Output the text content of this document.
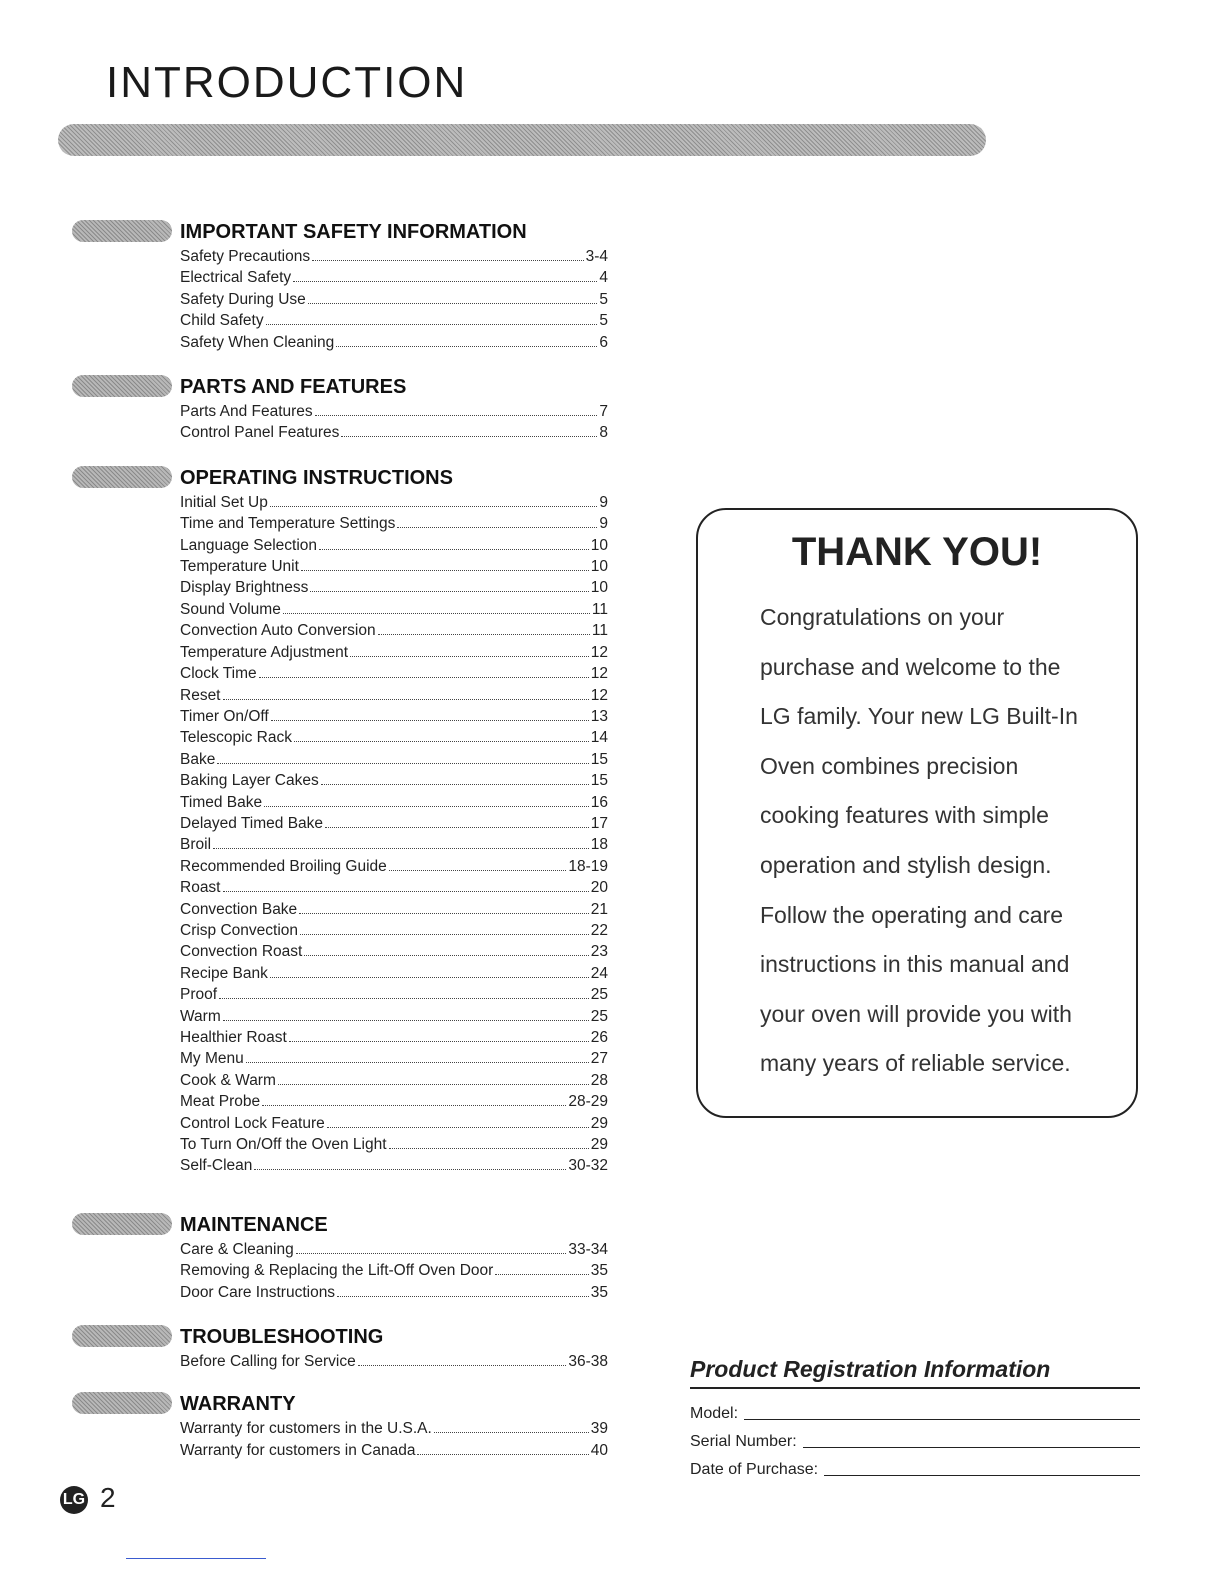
INTRODUCTION
IMPORTANT SAFETY INFORMATION
Safety Precautions	3-4
Electrical Safety	4
Safety During Use	5
Child Safety	5
Safety When Cleaning	6
PARTS AND FEATURES
Parts And Features	7
Control Panel Features	8
OPERATING INSTRUCTIONS
Initial Set Up	9
Time and Temperature Settings	9
Language Selection	10
Temperature Unit	10
Display Brightness	10
Sound Volume	11
Convection Auto Conversion	11
Temperature Adjustment	12
Clock Time	12
Reset	12
Timer On/Off	13
Telescopic Rack	14
Bake	15
Baking Layer Cakes	15
Timed Bake	16
Delayed Timed Bake	17
Broil	18
Recommended Broiling Guide	18-19
Roast	20
Convection Bake	21
Crisp Convection	22
Convection Roast	23
Recipe Bank	24
Proof	25
Warm	25
Healthier Roast	26
My Menu	27
Cook & Warm	28
Meat Probe	28-29
Control Lock Feature	29
To Turn On/Off the Oven Light	29
Self-Clean	30-32
MAINTENANCE
Care & Cleaning	33-34
Removing & Replacing the Lift-Off Oven Door	35
Door Care Instructions	35
TROUBLESHOOTING
Before Calling for Service	36-38
WARRANTY
Warranty for customers in the U.S.A.	39
Warranty for customers in Canada	40
THANK YOU!
Congratulations on your
purchase and welcome to the
LG family. Your new LG Built-In
Oven combines precision
cooking features with simple
operation and stylish design.
Follow the operating and care
instructions in this manual and
your oven will provide you with
many years of reliable service.
Product Registration Information
Model:
Serial Number:
Date of Purchase:
LG 2
